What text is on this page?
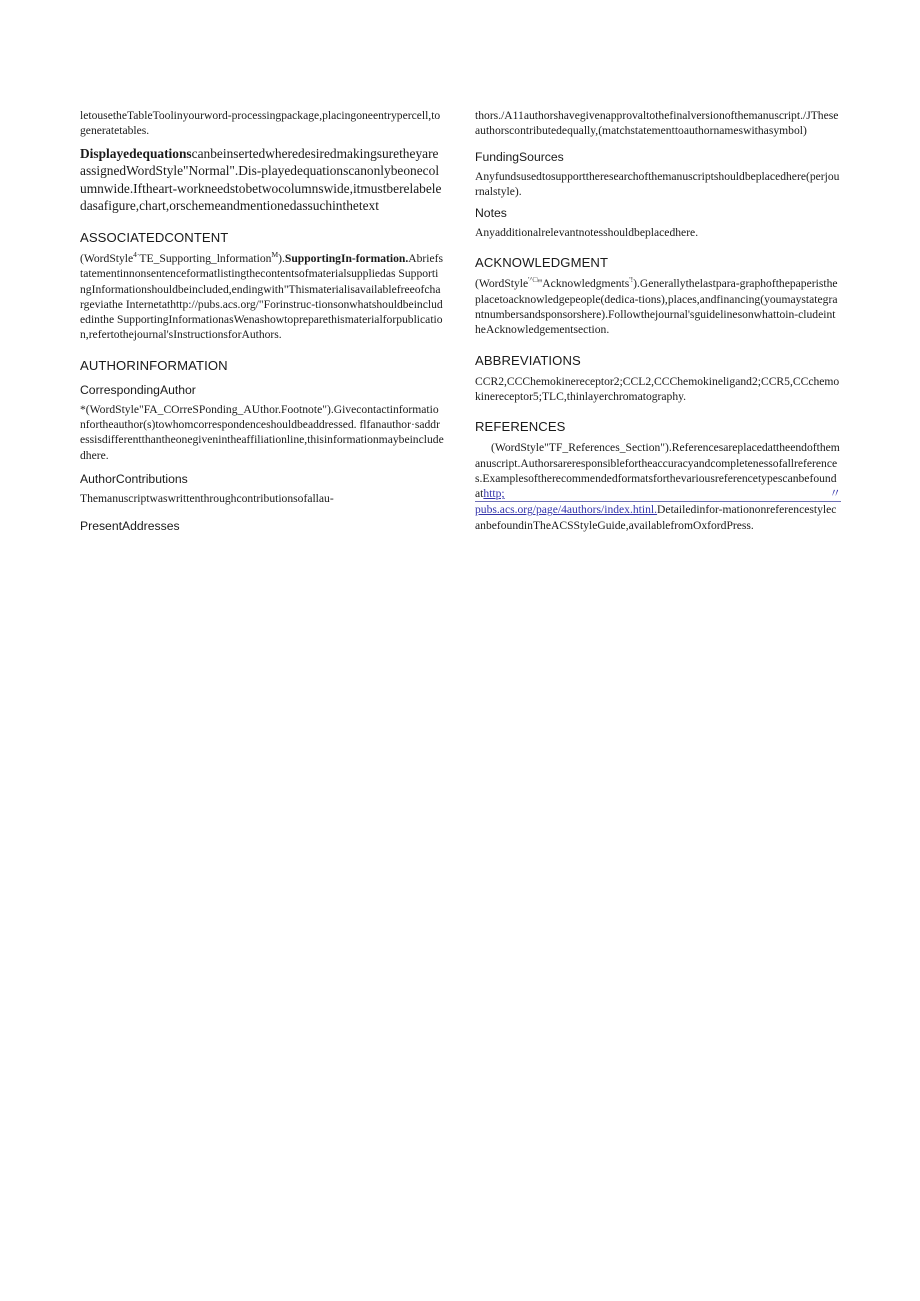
letousetheTableToolinyourword-processingpackage,placingoneentrypercell,togeneratetables.

DisplayedequationscanbeinsertedwheredesiredmakingsuretheyareassignedWordStyle"Normal".Dis-playedequationscanonlybeonecolumnwide.Iftheart-workneedstobetwocolumnswide,itmustberelabeledasafigure,chart,orschemeandmentionedassuchinthetext

ASSOCIATEDCONTENT

(WordStyle$^{4\cdot}$TE_Supporting_lnformation$^M$).SupportingIn-formation.Abriefstatementinnonsentenceformatlistingthecontentsofmaterialsuppliedas SupportingInformationshouldbeincluded,endingwith"Thismaterialisavailablefreeofchargeviathe Internetathttp://pubs.acs.org/"Forinstruc-tionsonwhatshouldbeincludedinthe SupportingInformationasWenashowtopreparethismaterialforpublication,refertothejournal'sInstructionsforAuthors.

AUTHORINFORMATION
CorrespondingAuthor

*(WordStyle"FA_COrreSPonding_AUthor.Footnote").Givecontactinformationfortheauthor(s)towhomcorrespondenceshouldbeaddressed. flfanauthor·saddressisdifferentthantheonegivenintheaffiliationline,thisinformationmaybeincludedhere.

AuthorContributions

Themanuscriptwaswrittenthroughcontributionsofallau-

PresentAddresses

thors./A11authorshavegivenapprovaltothefinalversionofthemanuscript./JTheseauthorscontributedequally,(matchstatementtoauthornameswithasymbol)

FundingSources

Anyfundsusedtosupporttheresearchofthemanuscriptshouldbeplacedhere(perjournalstyle).

Notes

Anyadditionalrelevantnotesshouldbeplacedhere.

ACKNOWLEDGMENT

(WordStyle'^□"Acknowledgments'!).Generallythelastpara-graphofthepaperistheplacetoacknowledgepeople(dedica-tions),places,andfinancing(youmaystategrantnumbersandsponsorshere).Followthejournal'sguidelinesonwhattoin-cludeintheAcknowledgementsection.

ABBREVIATIONS

CCR2,CCChemokinereceptor2;CCL2,CCChemokineligand2;CCR5,CCchemokinereceptor5;TLC,thinlayerchromatography.

REFERENCES
(WordStyle"TF_References_Section").Referencesareplacedattheendofthemanuscript.Authorsareresponsiblefortheaccuracyandcompletenessofallreferences.Examplesoftherecommendedformatsforthevariousreferencetypescanbefoundathttp;	〃

pubs.acs.org/page/4authors/index.htinl.Detailedinfor-mationonreferencestylecanbefoundinTheACSStyleGuide,availablefromOxfordPress.
